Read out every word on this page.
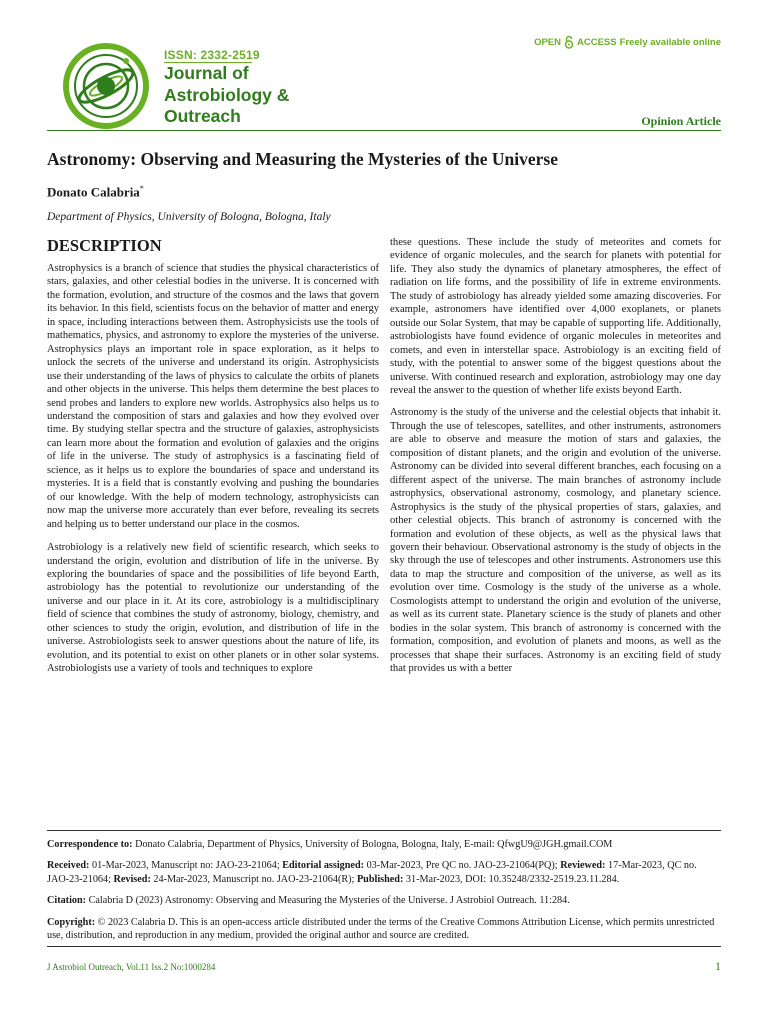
ISSN: 2332-2519
Journal of
Astrobiology &
Outreach
OPEN ACCESS Freely available online
Opinion Article
Astronomy: Observing and Measuring the Mysteries of the Universe
Donato Calabria*
Department of Physics, University of Bologna, Bologna, Italy
DESCRIPTION

Astrophysics is a branch of science that studies the physical characteristics of stars, galaxies, and other celestial bodies in the universe. It is concerned with the formation, evolution, and structure of the cosmos and the laws that govern its behavior. In this field, scientists focus on the behavior of matter and energy in space, including interactions between them. Astrophysicists use the tools of mathematics, physics, and astronomy to explore the mysteries of the universe. Astrophysics plays an important role in space exploration, as it helps to unlock the secrets of the universe and understand its origin. Astrophysicists use their understanding of the laws of physics to calculate the orbits of planets and other objects in the universe. This helps them determine the best places to send probes and landers to explore new worlds. Astrophysics also helps us to understand the composition of stars and galaxies and how they evolved over time. By studying stellar spectra and the structure of galaxies, astrophysicists can learn more about the formation and evolution of galaxies and the origins of life in the universe. The study of astrophysics is a fascinating field of science, as it helps us to explore the boundaries of space and understand its mysteries. It is a field that is constantly evolving and pushing the boundaries of our knowledge. With the help of modern technology, astrophysicists can now map the universe more accurately than ever before, revealing its secrets and helping us to better understand our place in the cosmos.

Astrobiology is a relatively new field of scientific research, which seeks to understand the origin, evolution and distribution of life in the universe. By exploring the boundaries of space and the possibilities of life beyond Earth, astrobiology has the potential to revolutionize our understanding of the universe and our place in it. At its core, astrobiology is a multidisciplinary field of science that combines the study of astronomy, biology, chemistry, and other sciences to study the origin, evolution, and distribution of life in the universe. Astrobiologists seek to answer questions about the nature of life, its evolution, and its potential to exist on other planets or in other solar systems. Astrobiologists use a variety of tools and techniques to explore

these questions. These include the study of meteorites and comets for evidence of organic molecules, and the search for planets with potential for life. They also study the dynamics of planetary atmospheres, the effect of radiation on life forms, and the possibility of life in extreme environments. The study of astrobiology has already yielded some amazing discoveries. For example, astronomers have identified over 4,000 exoplanets, or planets outside our Solar System, that may be capable of supporting life. Additionally, astrobiologists have found evidence of organic molecules in meteorites and comets, and even in interstellar space. Astrobiology is an exciting field of study, with the potential to answer some of the biggest questions about the universe. With continued research and exploration, astrobiology may one day reveal the answer to the question of whether life exists beyond Earth.

Astronomy is the study of the universe and the celestial objects that inhabit it. Through the use of telescopes, satellites, and other instruments, astronomers are able to observe and measure the motion of stars and galaxies, the composition of distant planets, and the origin and evolution of the universe. Astronomy can be divided into several different branches, each focusing on a different aspect of the universe. The main branches of astronomy include astrophysics, observational astronomy, cosmology, and planetary science. Astrophysics is the study of the physical properties of stars, galaxies, and other celestial objects. This branch of astronomy is concerned with the formation and evolution of these objects, as well as the physical laws that govern their behaviour. Observational astronomy is the study of objects in the sky through the use of telescopes and other instruments. Astronomers use this data to map the structure and composition of the universe, as well as its evolution over time. Cosmology is the study of the universe as a whole. Cosmologists attempt to understand the origin and evolution of the universe, as well as its current state. Planetary science is the study of planets and other bodies in the solar system. This branch of astronomy is concerned with the formation, composition, and evolution of planets and moons, as well as the processes that shape their surfaces. Astronomy is an exciting field of study that provides us with a better

Correspondence to: Donato Calabria, Department of Physics, University of Bologna, Bologna, Italy, E-mail: QfwgU9@JGH.gmail.COM

Received: 01-Mar-2023, Manuscript no: JAO-23-21064; Editorial assigned: 03-Mar-2023, Pre QC no. JAO-23-21064(PQ); Reviewed: 17-Mar-2023, QC no. JAO-23-21064; Revised: 24-Mar-2023, Manuscript no. JAO-23-21064(R); Published: 31-Mar-2023, DOI: 10.35248/2332-2519.23.11.284.

Citation: Calabria D (2023) Astronomy: Observing and Measuring the Mysteries of the Universe. J Astrobiol Outreach. 11:284.

Copyright: © 2023 Calabria D. This is an open-access article distributed under the terms of the Creative Commons Attribution License, which permits unrestricted use, distribution, and reproduction in any medium, provided the original author and source are credited.

J Astrobiol Outreach, Vol.11 Iss.2 No:1000284	1
